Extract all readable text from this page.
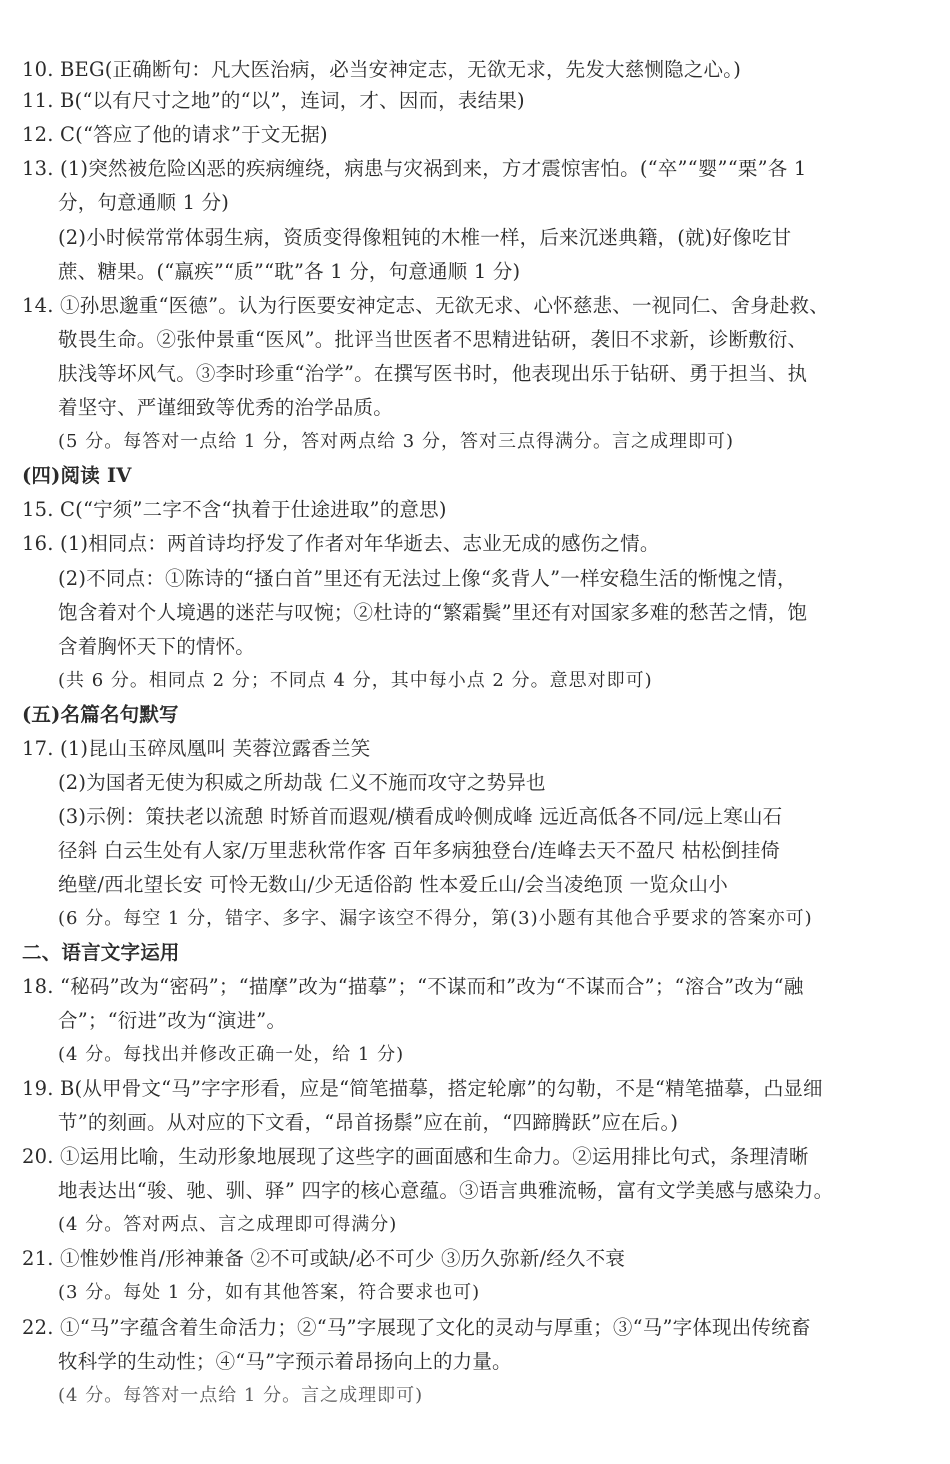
10. BEG(正确断句：凡大医治病，必当安神定志，无欲无求，先发大慈恻隐之心。)
11. B(“以有尺寸之地”的“以”，连词，才、因而，表结果)
12. C(“答应了他的请求”于文无据)
13. (1)突然被危险凶恶的疾病缠绕，病患与灾祸到来，方才震惊害怕。(“卒”“婴”“栗”各 1
分，句意通顺 1 分)
(2)小时候常常体弱生病，资质变得像粗钝的木椎一样，后来沉迷典籍，(就)好像吃甘
蔗、糖果。(“羸疾”“质”“耽”各 1 分，句意通顺 1 分)
14. ①孙思邈重“医德”。认为行医要安神定志、无欲无求、心怀慈悲、一视同仁、舍身赴救、
敬畏生命。②张仲景重“医风”。批评当世医者不思精进钻研，袭旧不求新，诊断敷衍、
肤浅等坏风气。③李时珍重“治学”。在撰写医书时，他表现出乐于钻研、勇于担当、执
着坚守、严谨细致等优秀的治学品质。
(5 分。每答对一点给 1 分，答对两点给 3 分，答对三点得满分。言之成理即可)
(四)阅读 IV
15. C(“宁须”二字不含“执着于仕途进取”的意思)
16. (1)相同点：两首诗均抒发了作者对年华逝去、志业无成的感伤之情。
(2)不同点：①陈诗的“搔白首”里还有无法过上像“炙背人”一样安稳生活的惭愧之情，
饱含着对个人境遇的迷茫与叹惋；②杜诗的“繁霜鬓”里还有对国家多难的愁苦之情，饱
含着胸怀天下的情怀。
(共 6 分。相同点 2 分；不同点 4 分，其中每小点 2 分。意思对即可)
(五)名篇名句默写
17. (1)昆山玉碎凤凰叫 芙蓉泣露香兰笑
(2)为国者无使为积威之所劫哉 仁义不施而攻守之势异也
(3)示例：策扶老以流憩 时矫首而遐观/横看成岭侧成峰 远近高低各不同/远上寒山石
径斜 白云生处有人家/万里悲秋常作客 百年多病独登台/连峰去天不盈尺 枯松倒挂倚
绝壁/西北望长安 可怜无数山/少无适俗韵 性本爱丘山/会当凌绝顶 一览众山小
(6 分。每空 1 分，错字、多字、漏字该空不得分，第(3)小题有其他合乎要求的答案亦可)
二、语言文字运用
18. “秘码”改为“密码”；“描摩”改为“描摹”；“不谋而和”改为“不谋而合”；“溶合”改为“融
合”；“衍进”改为“演进”。
(4 分。每找出并修改正确一处，给 1 分)
19. B(从甲骨文“马”字字形看，应是“简笔描摹，搭定轮廓”的勾勒，不是“精笔描摹，凸显细
节”的刻画。从对应的下文看，“昂首扬鬃”应在前，“四蹄腾跃”应在后。)
20. ①运用比喻，生动形象地展现了这些字的画面感和生命力。②运用排比句式，条理清晰
地表达出“骏、驰、驯、驿” 四字的核心意蕴。③语言典雅流畅，富有文学美感与感染力。
(4 分。答对两点、言之成理即可得满分)
21. ①惟妙惟肖/形神兼备 ②不可或缺/必不可少 ③历久弥新/经久不衰
(3 分。每处 1 分，如有其他答案，符合要求也可)
22. ①“马”字蕴含着生命活力；②“马”字展现了文化的灵动与厚重；③“马”字体现出传统畜
牧科学的生动性；④“马”字预示着昂扬向上的力量。
(4 分。每答对一点给 1 分。言之成理即可)
